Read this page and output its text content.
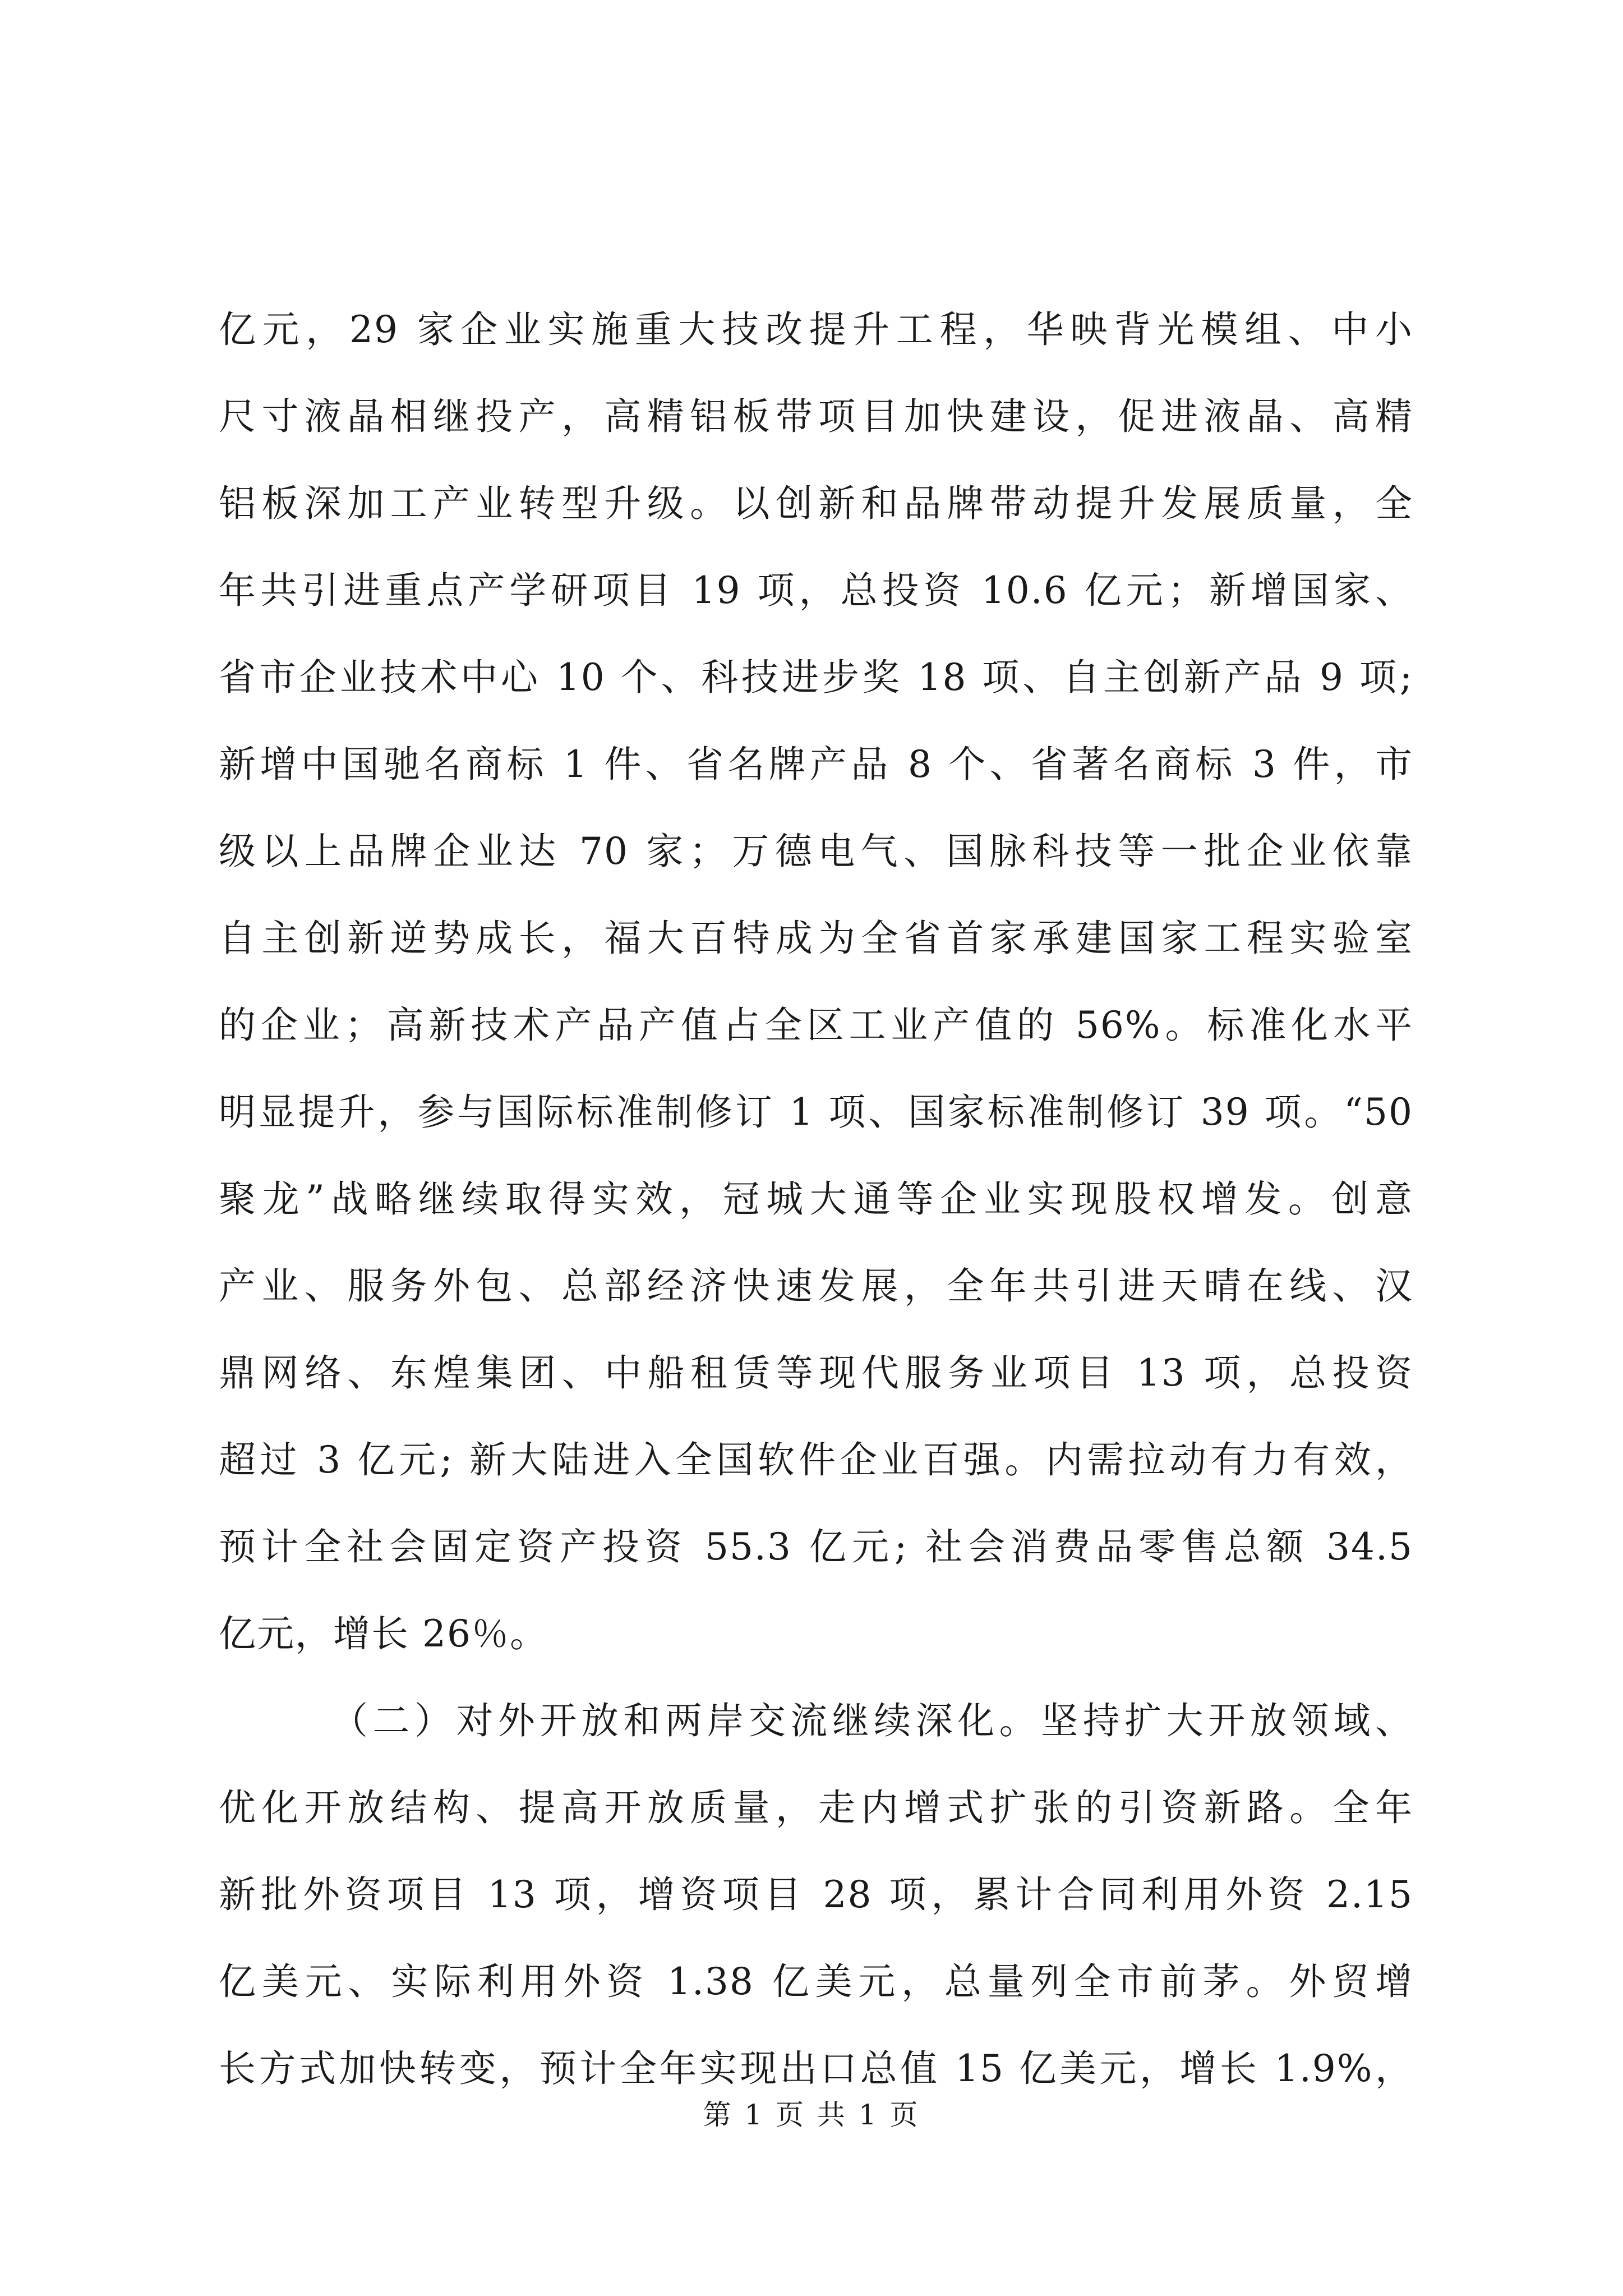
亿元，29 家企业实施重大技改提升工程，华映背光模组、中小
尺寸液晶相继投产，高精铝板带项目加快建设，促进液晶、高精
铝板深加工产业转型升级。以创新和品牌带动提升发展质量，全
年共引进重点产学研项目 19 项，总投资 10.6 亿元；新增国家、
省市企业技术中心 10 个、科技进步奖 18 项、自主创新产品 9 项;
新增中国驰名商标 1 件、省名牌产品 8 个、省著名商标 3 件，市
级以上品牌企业达 70 家；万德电气、国脉科技等一批企业依靠
自主创新逆势成长，福大百特成为全省首家承建国家工程实验室
的企业；高新技术产品产值占全区工业产值的 56%。标准化水平
明显提升，参与国际标准制修订 1 项、国家标准制修订 39 项。“50
聚龙”战略继续取得实效，冠城大通等企业实现股权增发。创意
产业、服务外包、总部经济快速发展，全年共引进天晴在线、汉
鼎网络、东煌集团、中船租赁等现代服务业项目 13 项，总投资
超过 3 亿元; 新大陆进入全国软件企业百强。内需拉动有力有效，
预计全社会固定资产投资 55.3 亿元; 社会消费品零售总额 34.5
亿元，增长 26％。
（二）对外开放和两岸交流继续深化。坚持扩大开放领域、
优化开放结构、提高开放质量，走内增式扩张的引资新路。全年
新批外资项目 13 项，增资项目 28 项，累计合同利用外资 2.15
亿美元、实际利用外资 1.38 亿美元，总量列全市前茅。外贸增
长方式加快转变，预计全年实现出口总值 15 亿美元，增长 1.9%，
第 1 页 共 1 页
